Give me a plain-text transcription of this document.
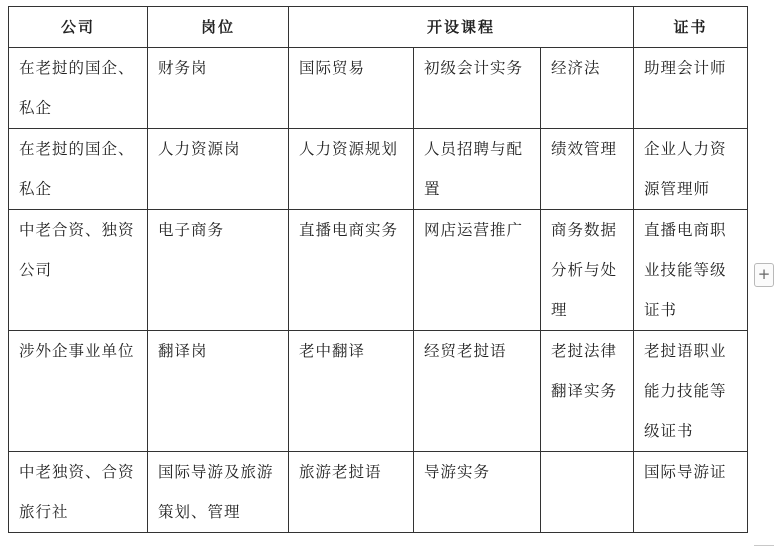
公司	岗位	开设课程			证书
在老挝的国企、私企	财务岗	国际贸易	初级会计实务	经济法	助理会计师
在老挝的国企、私企	人力资源岗	人力资源规划	人员招聘与配置	绩效管理	企业人力资源管理师
中老合资、独资公司	电子商务	直播电商实务	网店运营推广	商务数据分析与处理	直播电商职业技能等级证书
涉外企事业单位	翻译岗	老中翻译	经贸老挝语	老挝法律翻译实务	老挝语职业能力技能等级证书
中老独资、合资旅行社	国际导游及旅游策划、管理	旅游老挝语	导游实务		国际导游证
+
